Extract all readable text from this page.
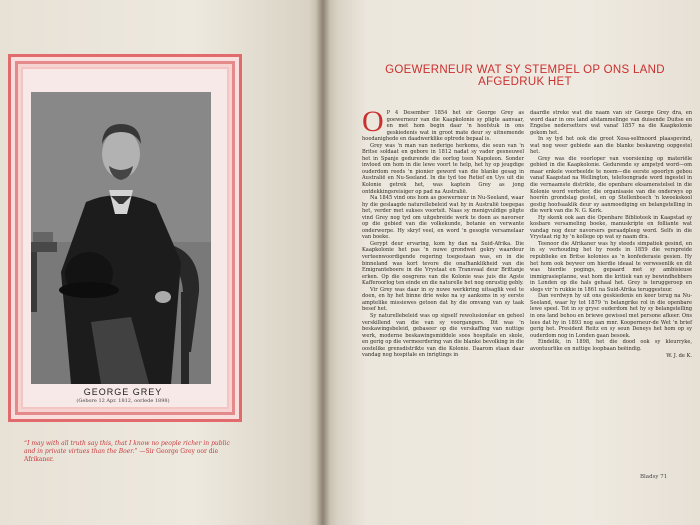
GEORGE GREY
(Gebore 12 Apr. 1812, oorlede 1898)
“I may with all truth say this, that I know no people richer in public and in private virtues than the Boer.” —Sir George Grey oor die Afrikaner.
GOEWERNEUR WAT SY STEMPEL OP ONS LAND AFGEDRUK HET

O P 4 Desember 1854 het sir George Grey as goewerneur van die Kaapkolonie sy pligte aanvaar, en met hom begin daar 'n hoofstuk in ons geskiedenis wat in groot mate deur sy uitnemende hoedanighede en daadwerklike optrede bepaal is.

Grey was 'n man van nederige herkoms, die seun van 'n Britse soldaat en gebore in 1812 nadat sy vader gesneuwel het in Spanje gedurende die oorlog teen Napoleon. Sonder invloed om hom in die lewe voort te help, het hy op jeugdige ouderdom reeds 'n pionier geword van die blanke gesag in Australië en Nu-Seeland. In die tyd toe Retief en Uys uit die Kolonie getrek het, was kaptein Grey as jong ontdekkingsreisiger op pad na Australië.

Na 1845 vind ons hom as goewerneur in Nu-Seeland, waar hy die geslaagde naturellebeleid wat hy in Australië toegepas het, verder met sukses voortsit. Naas sy menigvuldige pligte vind Grey nog tyd om uitgebreide werk te doen as navorser op die gebied van die volkekunde, botanie en verwante onderwerpe. Hy skryf veel, en word 'n gesogte versamelaar van boeke.

Gerypt deur ervaring, kom hy dan na Suid-Afrika. Die Kaapkolonie het pas 'n nuwe grondwet gekry waardeur verteenwoordigende regering toegestaan was, en in die binneland was kort tevore die onafhanklikheid van die Emigranteboere in die Vrystaat en Transvaal deur Brittanje erken. Op die oosgrens van die Kolonie was juis die Agste Kafferoorlog ten einde en die naturelle het nog onrustig gebly.

Vir Grey was daar in sy nuwe werkkring uitsaglik veel te doen, en hy het binne drie weke na sy aankoms in sy eerste amptelike missiewes getoon dat hy die omvang van sy taak besef het.

Sy naturellebeleid was op sigself rewolusionêar en geheel verskillend van die van sy voorgangers. Dit was 'n beskawingsbeleid, gebaseer op die verskaffing van nuttige werk, moderne beskawingsmiddele soos hospitale en skole, en gerig op die vermeerdering van die blanke bevolking in die oostelike grensdistrikte van die Kolonie. Daarom staan daar vandag nog hospitale en inrigtings in

daardie streke wat die naam van sir George Grey dra, en word daar in ons land afstammelinge van duisende Duitse en Engelse nedersetters wat vanaf 1857 na die Kaapkolonie gekom het.

In sy tyd het ook die groot Xosa-selfmoord plaasgevind, wat nog weer gebiede aan die blanke beskawing oopgestel het.

Grey was die voorloper van voorsiening op materiële gebied in die Kaapkolonie. Gedurende sy ampstyd word—om maar enkele voorbeelde te noem—die eerste spoorlyn gebou vanaf Kaapstad na Wellington, telefoongrade word ingestel in die vernaamste distrikte, die openbare eksamenstelsel in die Kolonie word verbeter, die organisasie van die onderwys op hoerên grondslag gestel, en op Stellenbosch 'n kweekskool gestig hoofsaaklik deur sy aanmoediging en belangstelling in die werk van die N. G. Kerk.

Hy skenk ook aan die Openbare Biblioteek in Kaapstad sy kosbare versameling boeke, manuskripte en folliante wat vandag nog deur navorsers geraadpleeg word. Selfs in die Vrystaat rig hy 'n kollege op wat sy naam dra.

Teenoor die Afrikaner was hy steeds simpatiek gesind, en in sy verhouding het hy reeds in 1859 die verspreide republieke en Britse kolonies as 'n konfederasie gesien. Hy het hom ook beywer om hierdie ideaal te verwesenlik en dit was hierdie pogings, gepaard met sy ambisieuse immigrasieplanne, wat hom die kritiek van sy bewindhebbers in Londen op die hals gehaal het. Grey is teruggeroep en slegs vir 'n rukkie in 1861 na Suid-Afrika teruggestuur.

Dan verdwyn hy uit ons geskiedenis en keer terug na Nu-Seeland, waar hy tot 1879 'n belangrike rol in die openbare lewe speel. Tot in sy grysc ouderdom het hy sy belangstelling in ons land behou en briewe gewissel met persone afkeer. Ons lees dat hy in 1893 nog aan mnr. Kooperneur-de Wet 'n brief gerig het. President Reitz en sy seun Deneys het hom op sy ouderdom nog in Londen gaan besoek.

Eindelik, in 1898, het die dood ook sy kleurryke, avontuurlike en nuttige loopbaan beëindig.

W. J. de K.

Bladsy 71
